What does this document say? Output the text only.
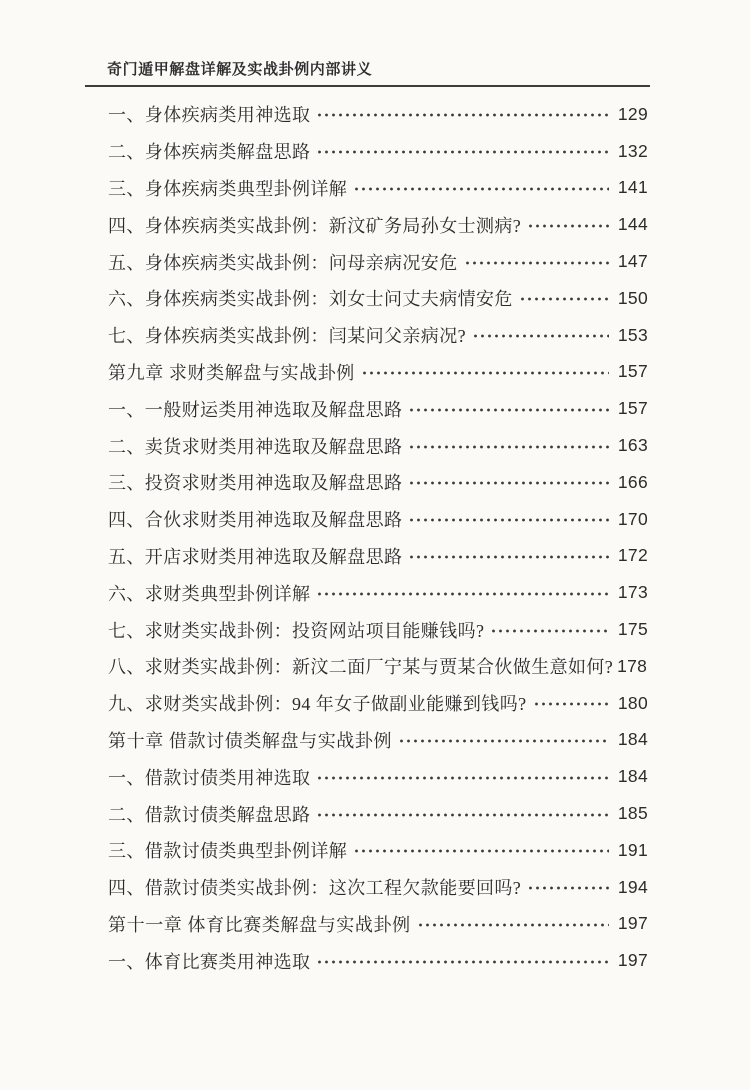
奇门遁甲解盘详解及实战卦例内部讲义
一、身体疾病类用神选取	129
二、身体疾病类解盘思路	132
三、身体疾病类典型卦例详解	141
四、身体疾病类实战卦例：新汶矿务局孙女士测病?	144
五、身体疾病类实战卦例：问母亲病况安危	147
六、身体疾病类实战卦例：刘女士问丈夫病情安危	150
七、身体疾病类实战卦例：闫某问父亲病况?	153
第九章 求财类解盘与实战卦例	157
一、一般财运类用神选取及解盘思路	157
二、卖货求财类用神选取及解盘思路	163
三、投资求财类用神选取及解盘思路	166
四、合伙求财类用神选取及解盘思路	170
五、开店求财类用神选取及解盘思路	172
六、求财类典型卦例详解	173
七、求财类实战卦例：投资网站项目能赚钱吗?	175
八、求财类实战卦例：新汶二面厂宁某与贾某合伙做生意如何? 178
九、求财类实战卦例：94 年女子做副业能赚到钱吗?	180
第十章 借款讨债类解盘与实战卦例	184
一、借款讨债类用神选取	184
二、借款讨债类解盘思路	185
三、借款讨债类典型卦例详解	191
四、借款讨债类实战卦例：这次工程欠款能要回吗?	194
第十一章 体育比赛类解盘与实战卦例	197
一、体育比赛类用神选取	197
